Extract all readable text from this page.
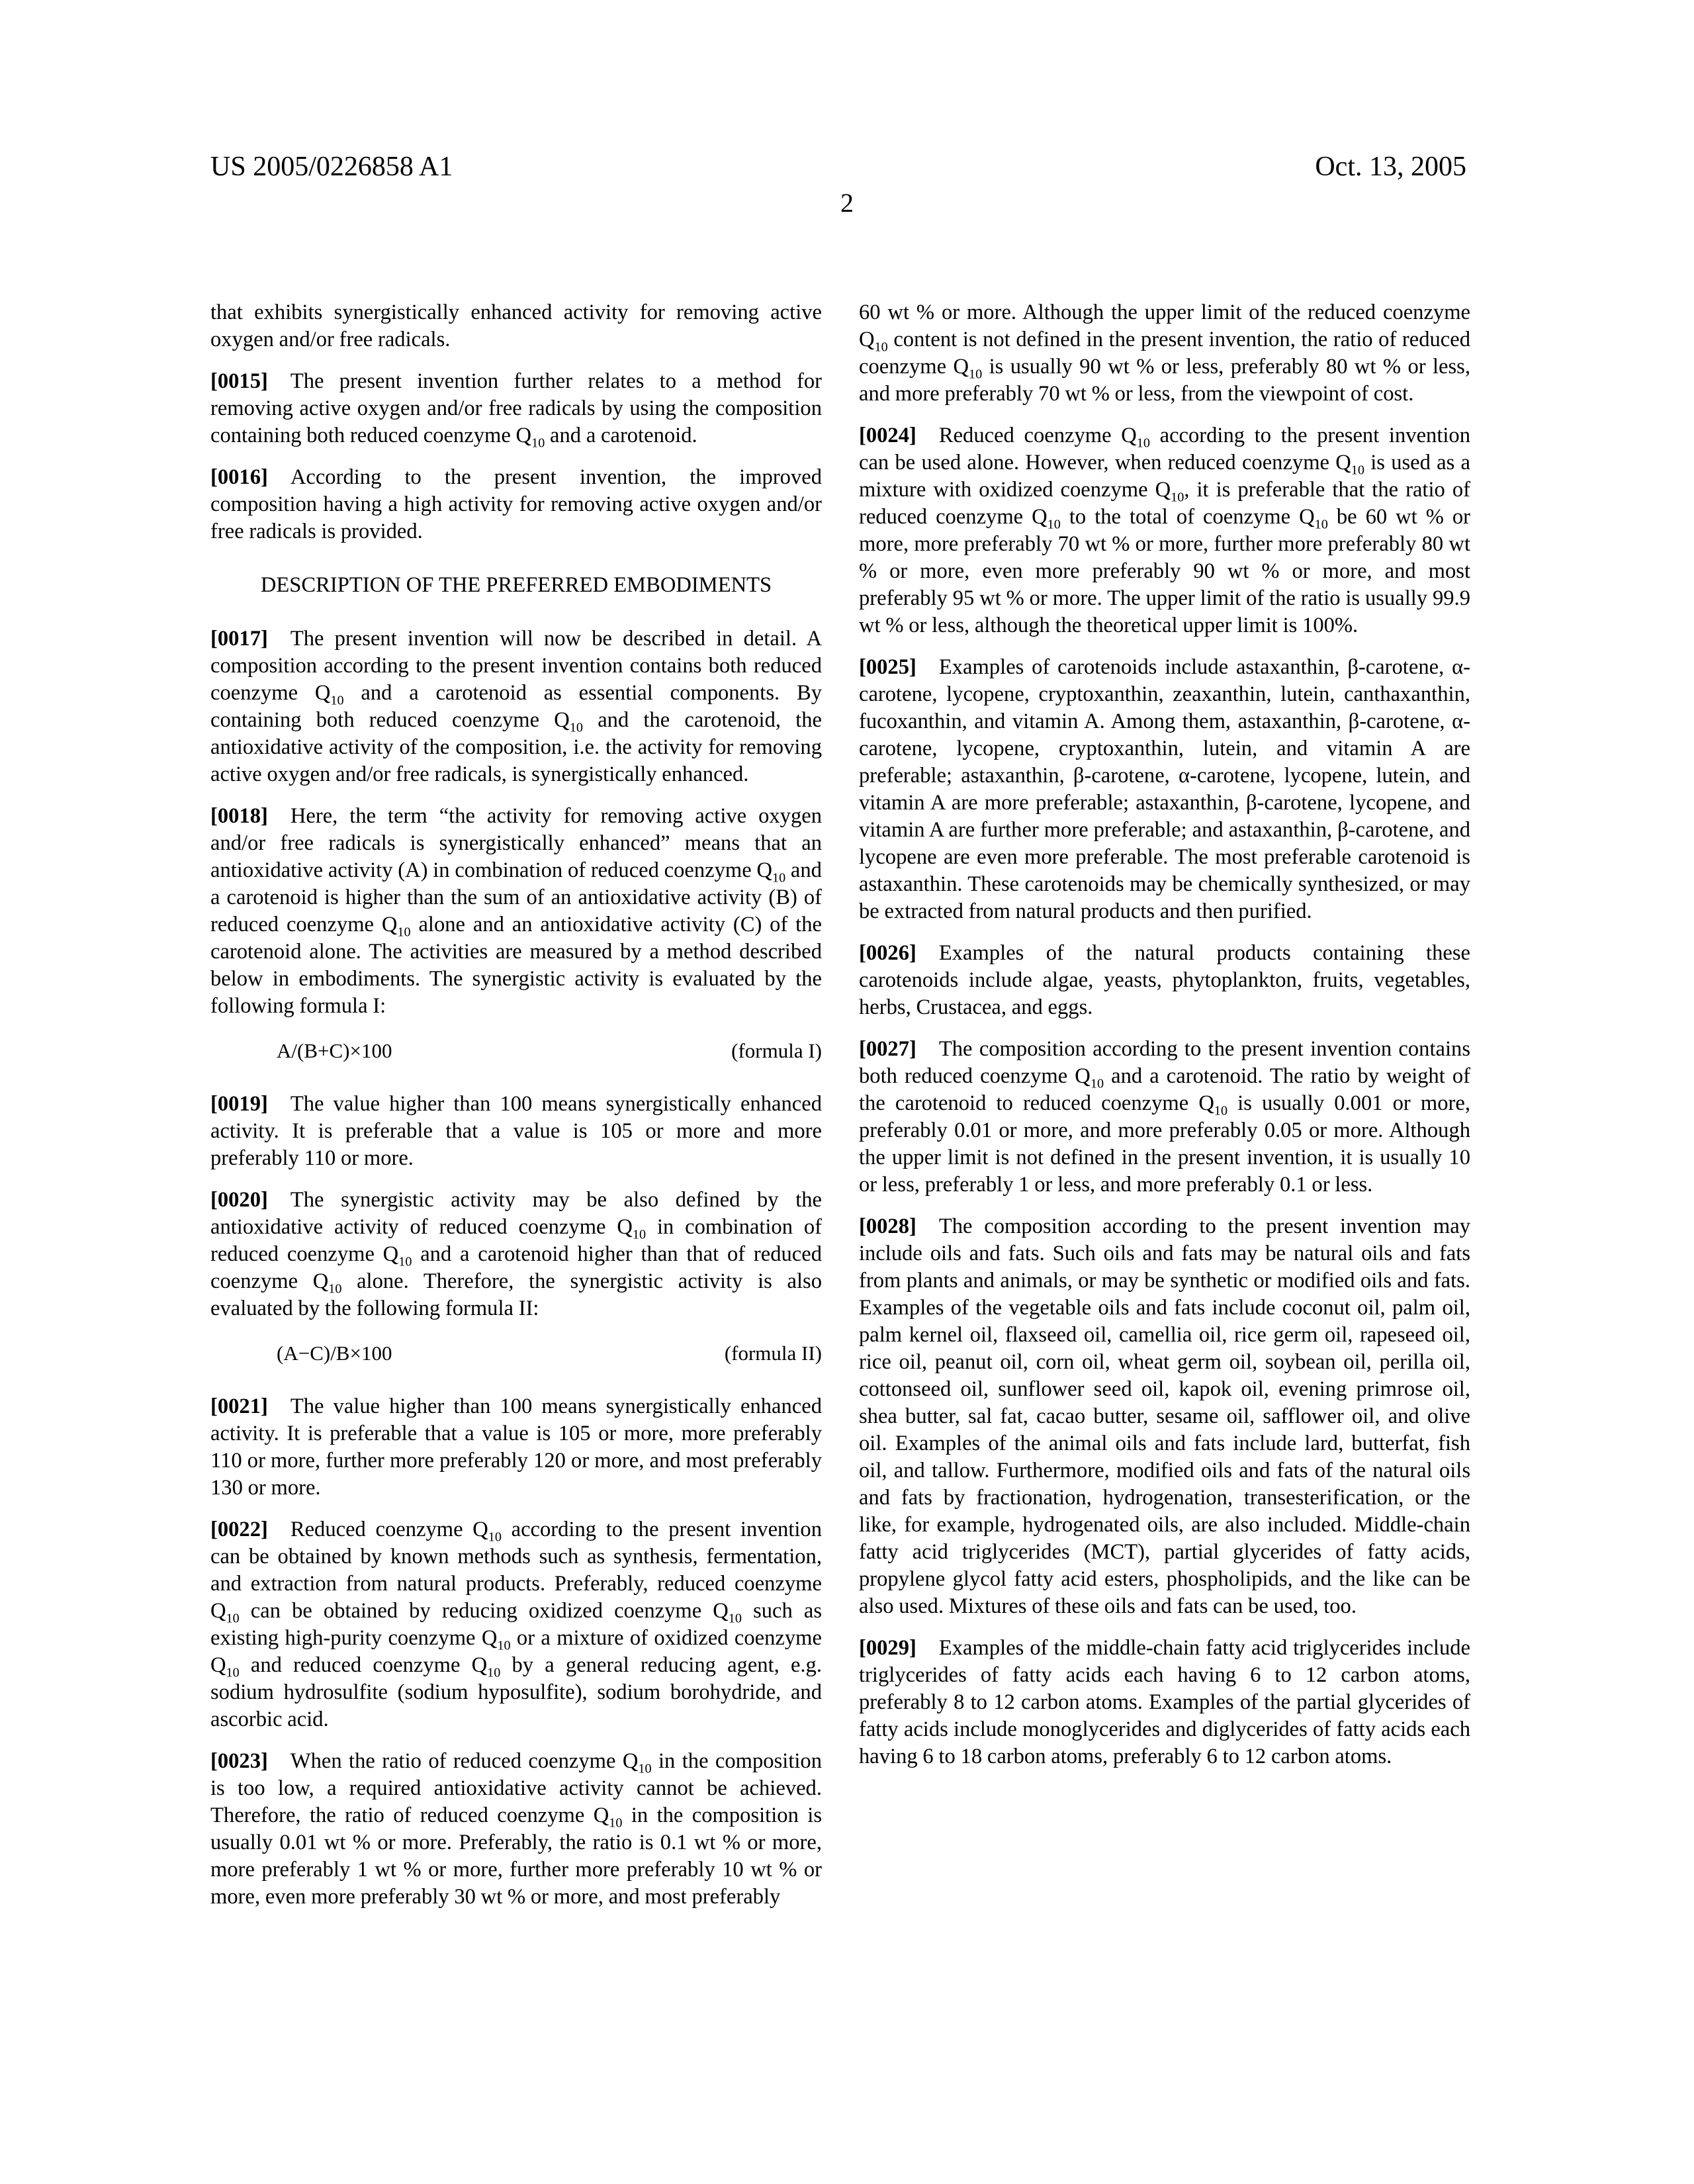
US 2005/0226858 A1	Oct. 13, 2005
2

that exhibits synergistically enhanced activity for removing active oxygen and/or free radicals.

[0015] The present invention further relates to a method for removing active oxygen and/or free radicals by using the composition containing both reduced coenzyme $Q_{10}$ and a carotenoid.

[0016] According to the present invention, the improved composition having a high activity for removing active oxygen and/or free radicals is provided.

DESCRIPTION OF THE PREFERRED EMBODIMENTS

[0017] The present invention will now be described in detail. A composition according to the present invention contains both reduced coenzyme $Q_{10}$ and a carotenoid as essential components. By containing both reduced coenzyme $Q_{10}$ and the carotenoid, the antioxidative activity of the composition, i.e. the activity for removing active oxygen and/or free radicals, is synergistically enhanced.

[0018] Here, the term “the activity for removing active oxygen and/or free radicals is synergistically enhanced” means that an antioxidative activity (A) in combination of reduced coenzyme $Q_{10}$ and a carotenoid is higher than the sum of an antioxidative activity (B) of reduced coenzyme $Q_{10}$ alone and an antioxidative activity (C) of the carotenoid alone. The activities are measured by a method described below in embodiments. The synergistic activity is evaluated by the following formula I:

A/(B+C)×100	(formula I)

[0019] The value higher than 100 means synergistically enhanced activity. It is preferable that a value is 105 or more and more preferably 110 or more.

[0020] The synergistic activity may be also defined by the antioxidative activity of reduced coenzyme $Q_{10}$ in combination of reduced coenzyme $Q_{10}$ and a carotenoid higher than that of reduced coenzyme $Q_{10}$ alone. Therefore, the synergistic activity is also evaluated by the following formula II:

(A−C)/B×100	(formula II)

[0021] The value higher than 100 means synergistically enhanced activity. It is preferable that a value is 105 or more, more preferably 110 or more, further more preferably 120 or more, and most preferably 130 or more.

[0022] Reduced coenzyme $Q_{10}$ according to the present invention can be obtained by known methods such as synthesis, fermentation, and extraction from natural products. Preferably, reduced coenzyme $Q_{10}$ can be obtained by reducing oxidized coenzyme $Q_{10}$ such as existing high-purity coenzyme $Q_{10}$ or a mixture of oxidized coenzyme $Q_{10}$ and reduced coenzyme $Q_{10}$ by a general reducing agent, e.g. sodium hydrosulfite (sodium hyposulfite), sodium borohydride, and ascorbic acid.

[0023] When the ratio of reduced coenzyme $Q_{10}$ in the composition is too low, a required antioxidative activity cannot be achieved. Therefore, the ratio of reduced coenzyme $Q_{10}$ in the composition is usually 0.01 wt % or more. Preferably, the ratio is 0.1 wt % or more, more preferably 1 wt % or more, further more preferably 10 wt % or more, even more preferably 30 wt % or more, and most preferably

60 wt % or more. Although the upper limit of the reduced coenzyme $Q_{10}$ content is not defined in the present invention, the ratio of reduced coenzyme $Q_{10}$ is usually 90 wt % or less, preferably 80 wt % or less, and more preferably 70 wt % or less, from the viewpoint of cost.

[0024] Reduced coenzyme $Q_{10}$ according to the present invention can be used alone. However, when reduced coenzyme $Q_{10}$ is used as a mixture with oxidized coenzyme $Q_{10}$, it is preferable that the ratio of reduced coenzyme $Q_{10}$ to the total of coenzyme $Q_{10}$ be 60 wt % or more, more preferably 70 wt % or more, further more preferably 80 wt % or more, even more preferably 90 wt % or more, and most preferably 95 wt % or more. The upper limit of the ratio is usually 99.9 wt % or less, although the theoretical upper limit is 100%.

[0025] Examples of carotenoids include astaxanthin, β-carotene, α-carotene, lycopene, cryptoxanthin, zeaxanthin, lutein, canthaxanthin, fucoxanthin, and vitamin A. Among them, astaxanthin, β-carotene, α-carotene, lycopene, cryptoxanthin, lutein, and vitamin A are preferable; astaxanthin, β-carotene, α-carotene, lycopene, lutein, and vitamin A are more preferable; astaxanthin, β-carotene, lycopene, and vitamin A are further more preferable; and astaxanthin, β-carotene, and lycopene are even more preferable. The most preferable carotenoid is astaxanthin. These carotenoids may be chemically synthesized, or may be extracted from natural products and then purified.

[0026] Examples of the natural products containing these carotenoids include algae, yeasts, phytoplankton, fruits, vegetables, herbs, Crustacea, and eggs.

[0027] The composition according to the present invention contains both reduced coenzyme $Q_{10}$ and a carotenoid. The ratio by weight of the carotenoid to reduced coenzyme $Q_{10}$ is usually 0.001 or more, preferably 0.01 or more, and more preferably 0.05 or more. Although the upper limit is not defined in the present invention, it is usually 10 or less, preferably 1 or less, and more preferably 0.1 or less.

[0028] The composition according to the present invention may include oils and fats. Such oils and fats may be natural oils and fats from plants and animals, or may be synthetic or modified oils and fats. Examples of the vegetable oils and fats include coconut oil, palm oil, palm kernel oil, flaxseed oil, camellia oil, rice germ oil, rapeseed oil, rice oil, peanut oil, corn oil, wheat germ oil, soybean oil, perilla oil, cottonseed oil, sunflower seed oil, kapok oil, evening primrose oil, shea butter, sal fat, cacao butter, sesame oil, safflower oil, and olive oil. Examples of the animal oils and fats include lard, butterfat, fish oil, and tallow. Furthermore, modified oils and fats of the natural oils and fats by fractionation, hydrogenation, transesterification, or the like, for example, hydrogenated oils, are also included. Middle-chain fatty acid triglycerides (MCT), partial glycerides of fatty acids, propylene glycol fatty acid esters, phospholipids, and the like can be also used. Mixtures of these oils and fats can be used, too.

[0029] Examples of the middle-chain fatty acid triglycerides include triglycerides of fatty acids each having 6 to 12 carbon atoms, preferably 8 to 12 carbon atoms. Examples of the partial glycerides of fatty acids include monoglycerides and diglycerides of fatty acids each having 6 to 18 carbon atoms, preferably 6 to 12 carbon atoms.
